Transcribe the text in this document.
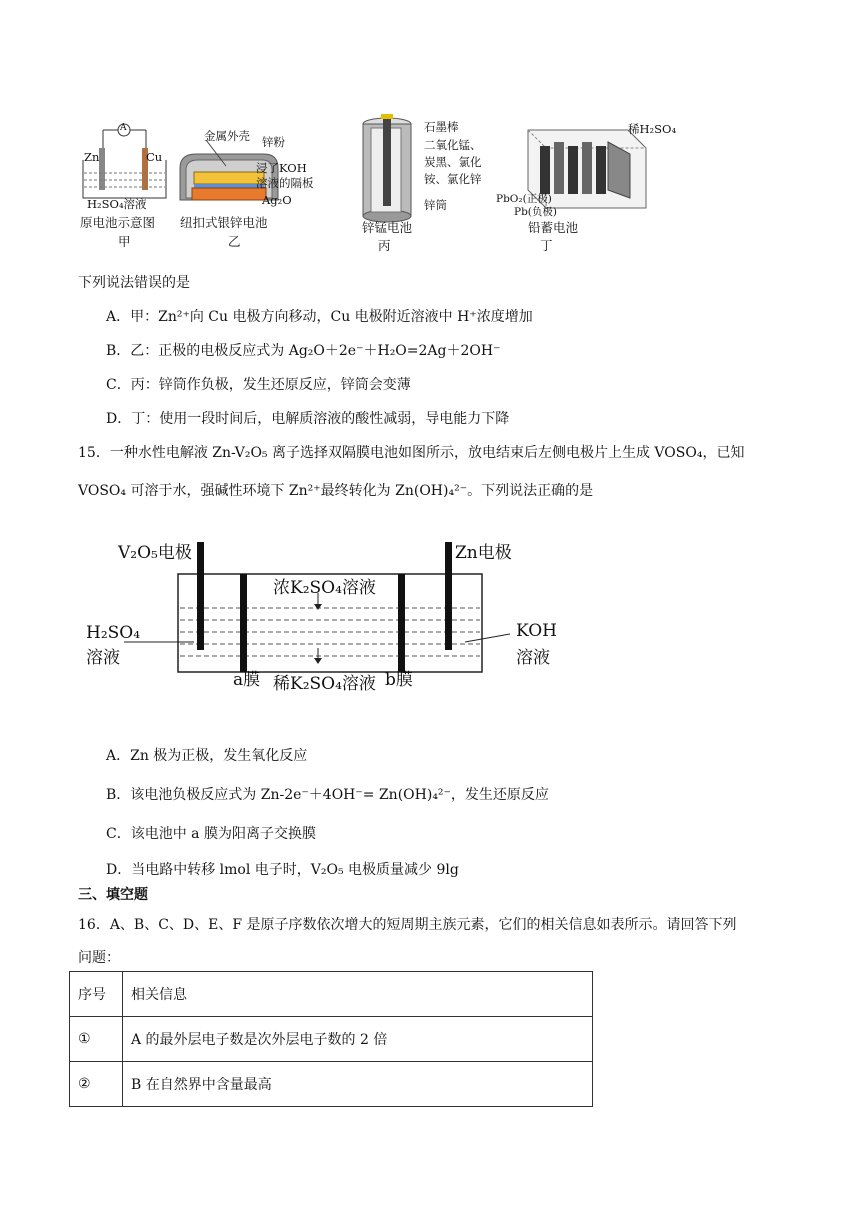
A
Zn	Cu
H₂SO₄溶液
原电池示意图
甲
金属外壳 锌粉
浸了KOH
溶液的隔板
Ag₂O
纽扣式银锌电池
乙
石墨棒
二氧化锰、
炭黑、氯化
铵、氯化锌
锌筒
锌锰电池
丙
稀H₂SO₄
PbO₂(正极)
Pb(负极)
铅蓄电池
丁
下列说法错误的是
A．甲：Zn²⁺向 Cu 电极方向移动，Cu 电极附近溶液中 H⁺浓度增加
B．乙：正极的电极反应式为 Ag₂O＋2e⁻＋H₂O=2Ag＋2OH⁻
C．丙：锌筒作负极，发生还原反应，锌筒会变薄
D．丁：使用一段时间后，电解质溶液的酸性减弱，导电能力下降
15．一种水性电解液 Zn-V₂O₅ 离子选择双隔膜电池如图所示，放电结束后左侧电极片上生成 VOSO₄，已知
VOSO₄ 可溶于水，强碱性环境下 Zn²⁺最终转化为 Zn(OH)₄²⁻。下列说法正确的是
V₂O₅电极	Zn电极
浓K₂SO₄溶液
H₂SO₄
溶液
KOH
溶液
a膜 稀K₂SO₄溶液 b膜
A．Zn 极为正极，发生氧化反应
B．该电池负极反应式为 Zn-2e⁻＋4OH⁻= Zn(OH)₄²⁻，发生还原反应
C．该电池中 a 膜为阳离子交换膜
D．当电路中转移 lmol 电子时，V₂O₅ 电极质量减少 9lg
三、填空题
16．A、B、C、D、E、F 是原子序数依次增大的短周期主族元素，它们的相关信息如表所示。请回答下列
问题：
序号	相关信息
①	A 的最外层电子数是次外层电子数的 2 倍
②	B 在自然界中含量最高
